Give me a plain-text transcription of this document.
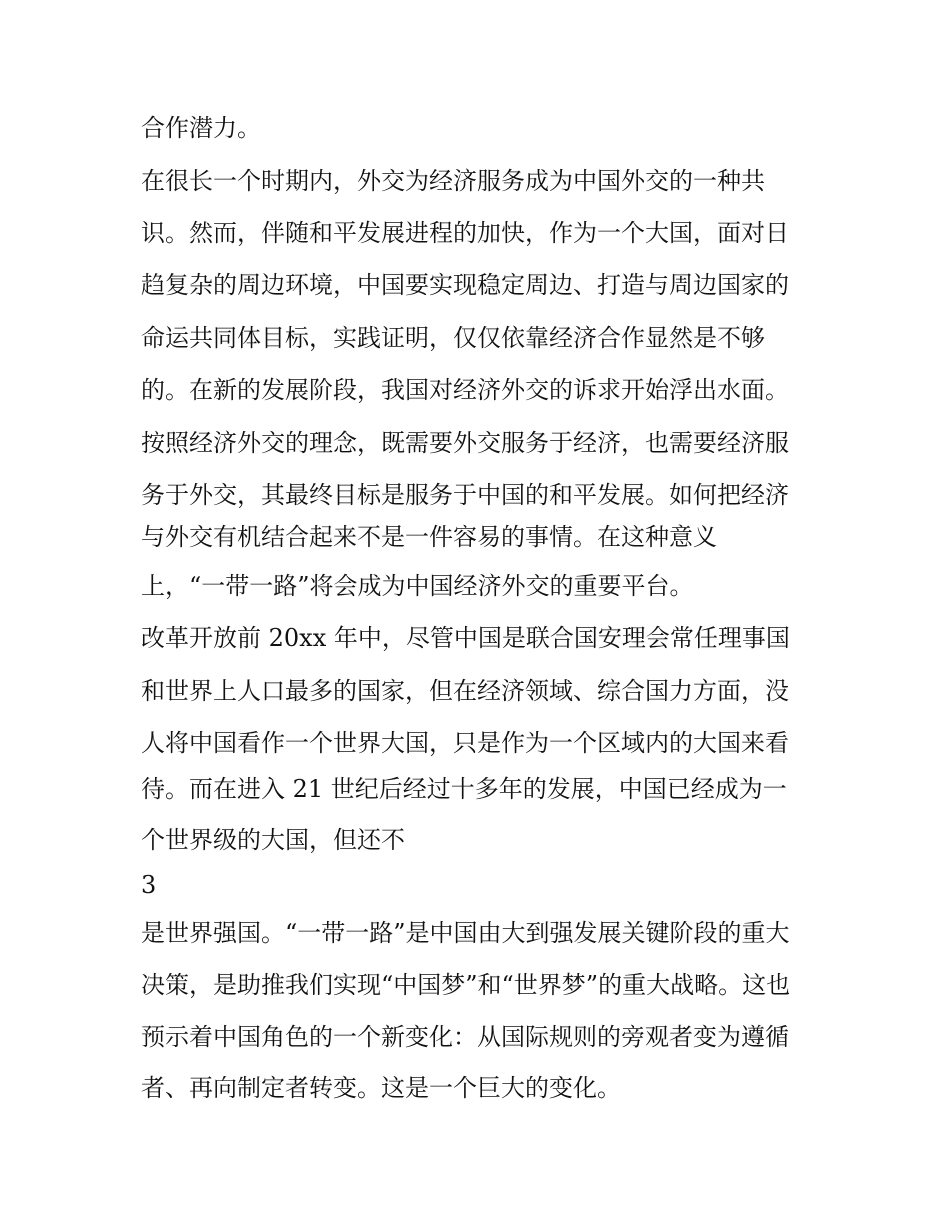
合作潜力。
在很长一个时期内，外交为经济服务成为中国外交的一种共
识。然而，伴随和平发展进程的加快，作为一个大国，面对日
趋复杂的周边环境，中国要实现稳定周边、打造与周边国家的
命运共同体目标，实践证明，仅仅依靠经济合作显然是不够
的。在新的发展阶段，我国对经济外交的诉求开始浮出水面。
按照经济外交的理念，既需要外交服务于经济，也需要经济服
务于外交，其最终目标是服务于中国的和平发展。如何把经济
与外交有机结合起来不是一件容易的事情。在这种意义
上，“一带一路”将会成为中国经济外交的重要平台。
改革开放前 20xx 年中，尽管中国是联合国安理会常任理事国
和世界上人口最多的国家，但在经济领域、综合国力方面，没
人将中国看作一个世界大国，只是作为一个区域内的大国来看
待。而在进入 21 世纪后经过十多年的发展，中国已经成为一
个世界级的大国，但还不
3
是世界强国。“一带一路”是中国由大到强发展关键阶段的重大
决策，是助推我们实现“中国梦”和“世界梦”的重大战略。这也
预示着中国角色的一个新变化：从国际规则的旁观者变为遵循
者、再向制定者转变。这是一个巨大的变化。
